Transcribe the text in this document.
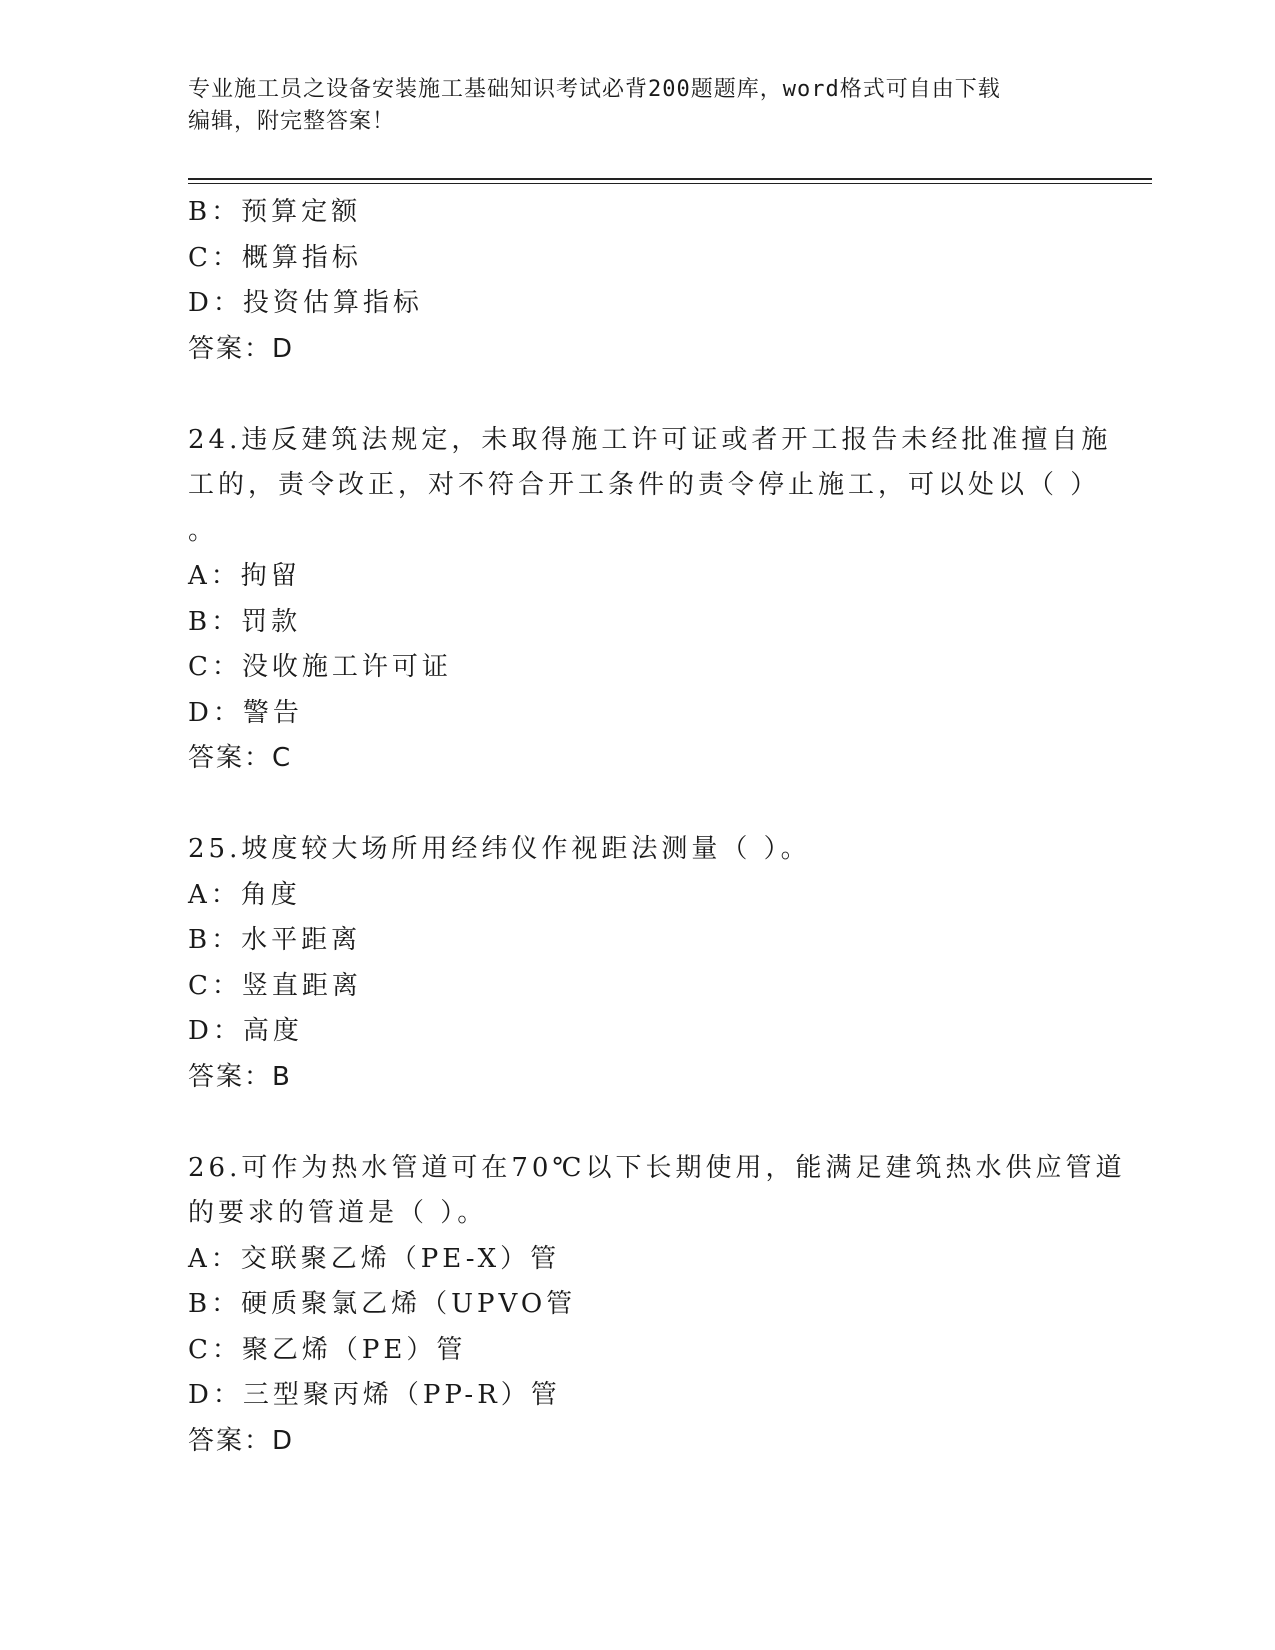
专业施工员之设备安装施工基础知识考试必背200题题库，word格式可自由下载
编辑，附完整答案！
B：预算定额
C：概算指标
D：投资估算指标
答案：D
24.违反建筑法规定，未取得施工许可证或者开工报告未经批准擅自施
工的，责令改正，对不符合开工条件的责令停止施工，可以处以（ ）
。
A：拘留
B：罚款
C：没收施工许可证
D：警告
答案：C
25.坡度较大场所用经纬仪作视距法测量（ ）。
A：角度
B：水平距离
C：竖直距离
D：高度
答案：B
26.可作为热水管道可在70℃以下长期使用，能满足建筑热水供应管道
的要求的管道是（ ）。
A：交联聚乙烯（PE-X）管
B：硬质聚氯乙烯（UPVO管
C：聚乙烯（PE）管
D：三型聚丙烯（PP-R）管
答案：D
